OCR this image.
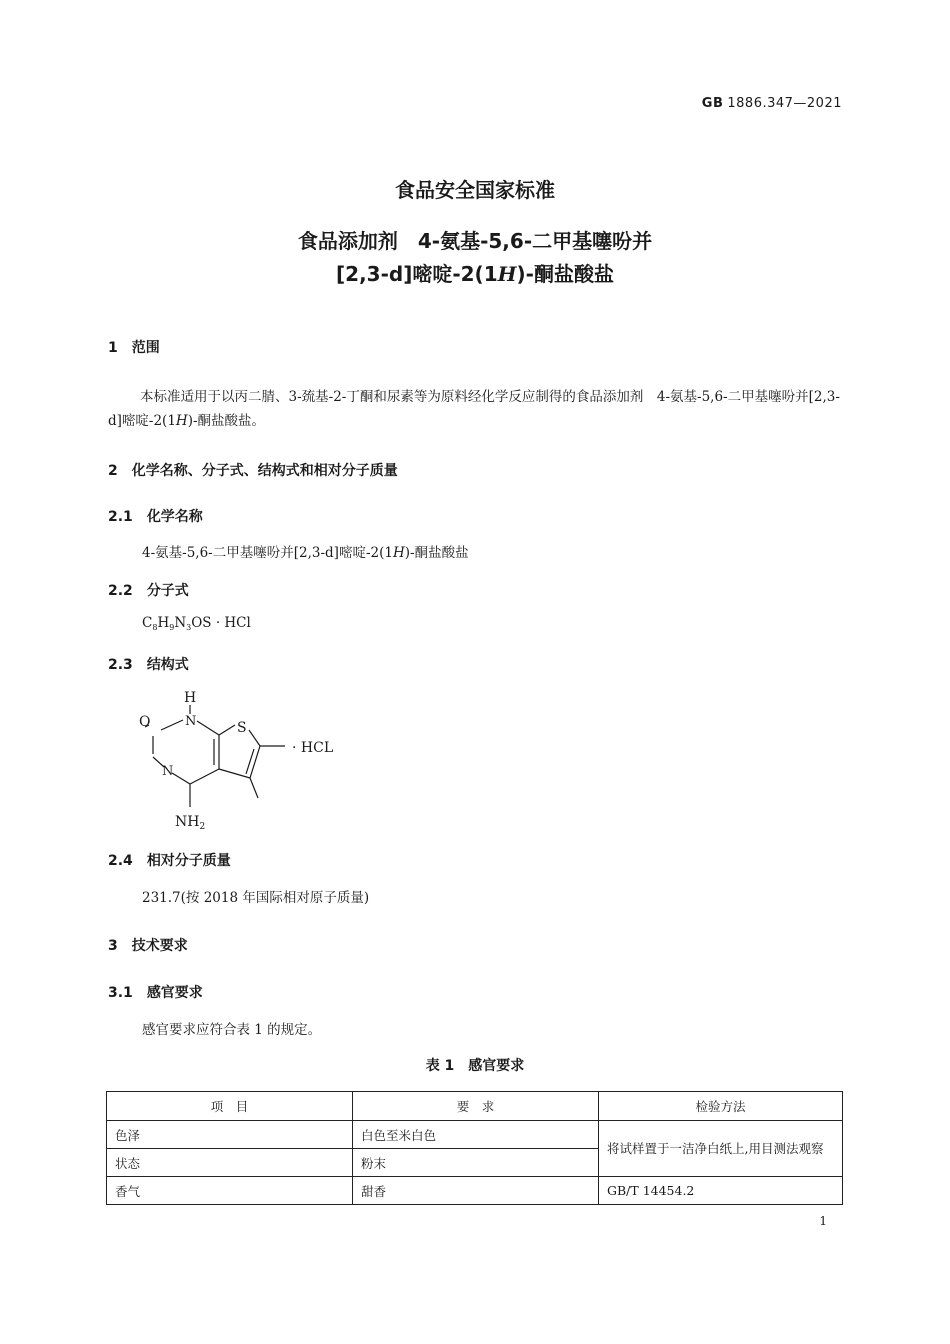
GB 1886.347—2021
食品安全国家标准
食品添加剂　4-氨基-5,6-二甲基噻吩并
[2,3-d]嘧啶-2(1H)-酮盐酸盐
1 范围
本标准适用于以丙二腈、3-巯基-2-丁酮和尿素等为原料经化学反应制得的食品添加剂　4-氨基-5,6-二甲基噻吩并[2,3-d]嘧啶-2(1H)-酮盐酸盐。
2 化学名称、分子式、结构式和相对分子质量
2.1 化学名称
4-氨基-5,6-二甲基噻吩并[2,3-d]嘧啶-2(1H)-酮盐酸盐
2.2 分子式
$C_8H_9N_3OS$ · HCl
2.3 结构式
H
N
O	S
N
$NH_2$
· HCL
2.4 相对分子质量
231.7(按 2018 年国际相对原子质量)
3 技术要求
3.1 感官要求
感官要求应符合表 1 的规定。
表 1　感官要求
项　目	要　求	检验方法
色泽	白色至米白色	将试样置于一洁净白纸上,用目测法观察
状态	粉末	
香气	甜香	GB/T 14454.2
1
